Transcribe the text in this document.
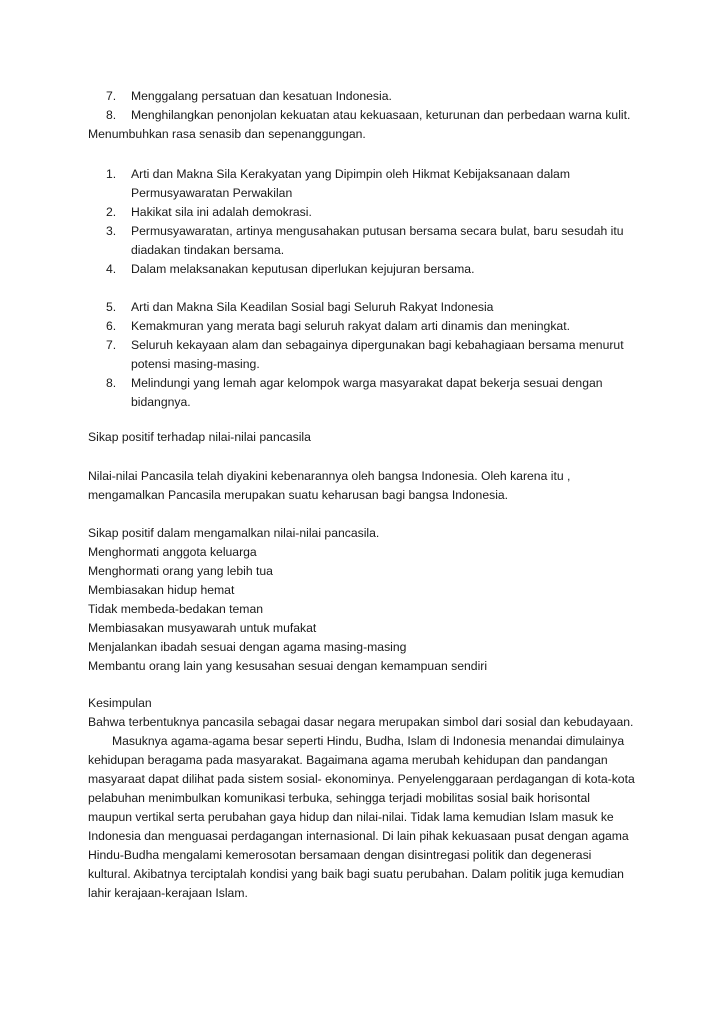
7. Menggalang persatuan dan kesatuan Indonesia.
8. Menghilangkan penonjolan kekuatan atau kekuasaan, keturunan dan perbedaan warna kulit.
Menumbuhkan rasa senasib dan sepenanggungan.
1. Arti dan Makna Sila Kerakyatan yang Dipimpin oleh Hikmat Kebijaksanaan dalam
Permusyawaratan Perwakilan
2. Hakikat sila ini adalah demokrasi.
3. Permusyawaratan, artinya mengusahakan putusan bersama secara bulat, baru sesudah itu
diadakan tindakan bersama.
4. Dalam melaksanakan keputusan diperlukan kejujuran bersama.
5. Arti dan Makna Sila Keadilan Sosial bagi Seluruh Rakyat Indonesia
6. Kemakmuran yang merata bagi seluruh rakyat dalam arti dinamis dan meningkat.
7. Seluruh kekayaan alam dan sebagainya dipergunakan bagi kebahagiaan bersama menurut
potensi masing-masing.
8. Melindungi yang lemah agar kelompok warga masyarakat dapat bekerja sesuai dengan
bidangnya.
Sikap positif terhadap nilai-nilai pancasila
Nilai-nilai Pancasila telah diyakini kebenarannya oleh bangsa Indonesia. Oleh karena itu ,
mengamalkan Pancasila merupakan suatu keharusan bagi bangsa Indonesia.
Sikap positif dalam mengamalkan nilai-nilai pancasila.
Menghormati anggota keluarga
Menghormati orang yang lebih tua
Membiasakan hidup hemat
Tidak membeda-bedakan teman
Membiasakan musyawarah untuk mufakat
Menjalankan ibadah sesuai dengan agama masing-masing
Membantu orang lain yang kesusahan sesuai dengan kemampuan sendiri
Kesimpulan
Bahwa terbentuknya pancasila sebagai dasar negara merupakan simbol dari sosial dan kebudayaan.
Masuknya agama-agama besar seperti Hindu, Budha, Islam di Indonesia menandai dimulainya
kehidupan beragama pada masyarakat. Bagaimana agama merubah kehidupan dan pandangan
masyaraat dapat dilihat pada sistem sosial- ekonominya. Penyelenggaraan perdagangan di kota-kota
pelabuhan menimbulkan komunikasi terbuka, sehingga terjadi mobilitas sosial baik horisontal
maupun vertikal serta perubahan gaya hidup dan nilai-nilai. Tidak lama kemudian Islam masuk ke
Indonesia dan menguasai perdagangan internasional. Di lain pihak kekuasaan pusat dengan agama
Hindu-Budha mengalami kemerosotan bersamaan dengan disintregasi politik dan degenerasi
kultural. Akibatnya terciptalah kondisi yang baik bagi suatu perubahan. Dalam politik juga kemudian
lahir kerajaan-kerajaan Islam.
